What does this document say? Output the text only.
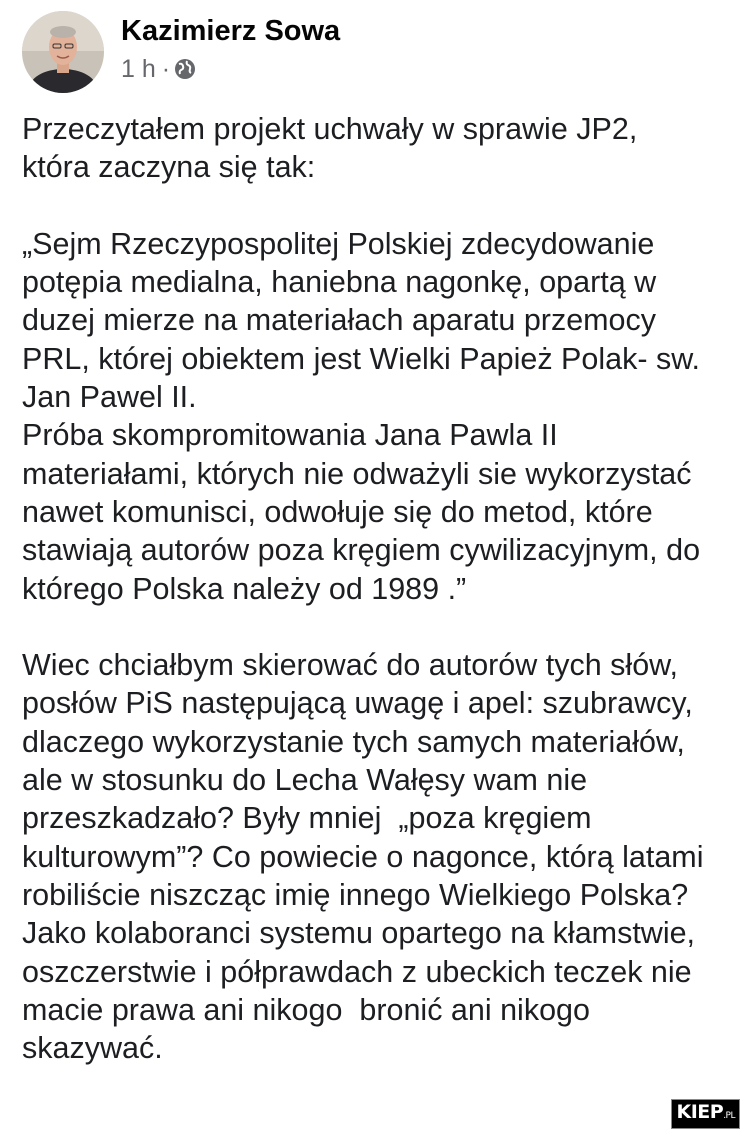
Kazimierz Sowa
1 h ·
Przeczytałem projekt uchwały w sprawie JP2,
która zaczyna się tak:
„Sejm Rzeczypospolitej Polskiej zdecydowanie
potępia medialna, haniebna nagonkę, opartą w
duzej mierze na materiałach aparatu przemocy
PRL, której obiektem jest Wielki Papież Polak- sw.
Jan Pawel II.
Próba skompromitowania Jana Pawla II
materiałami, których nie odważyli sie wykorzystać
nawet komunisci, odwołuje się do metod, które
stawiają autorów poza kręgiem cywilizacyjnym, do
którego Polska należy od 1989 .”
Wiec chciałbym skierować do autorów tych słów,
posłów PiS następującą uwagę i apel: szubrawcy,
dlaczego wykorzystanie tych samych materiałów,
ale w stosunku do Lecha Wałęsy wam nie
przeszkadzało? Były mniej  „poza kręgiem
kulturowym”? Co powiecie o nagonce, którą latami
robiliście niszcząc imię innego Wielkiego Polska?
Jako kolaboranci systemu opartego na kłamstwie,
oszczerstwie i półprawdach z ubeckich teczek nie
macie prawa ani nikogo  bronić ani nikogo
skazywać.
KIEP.PL
